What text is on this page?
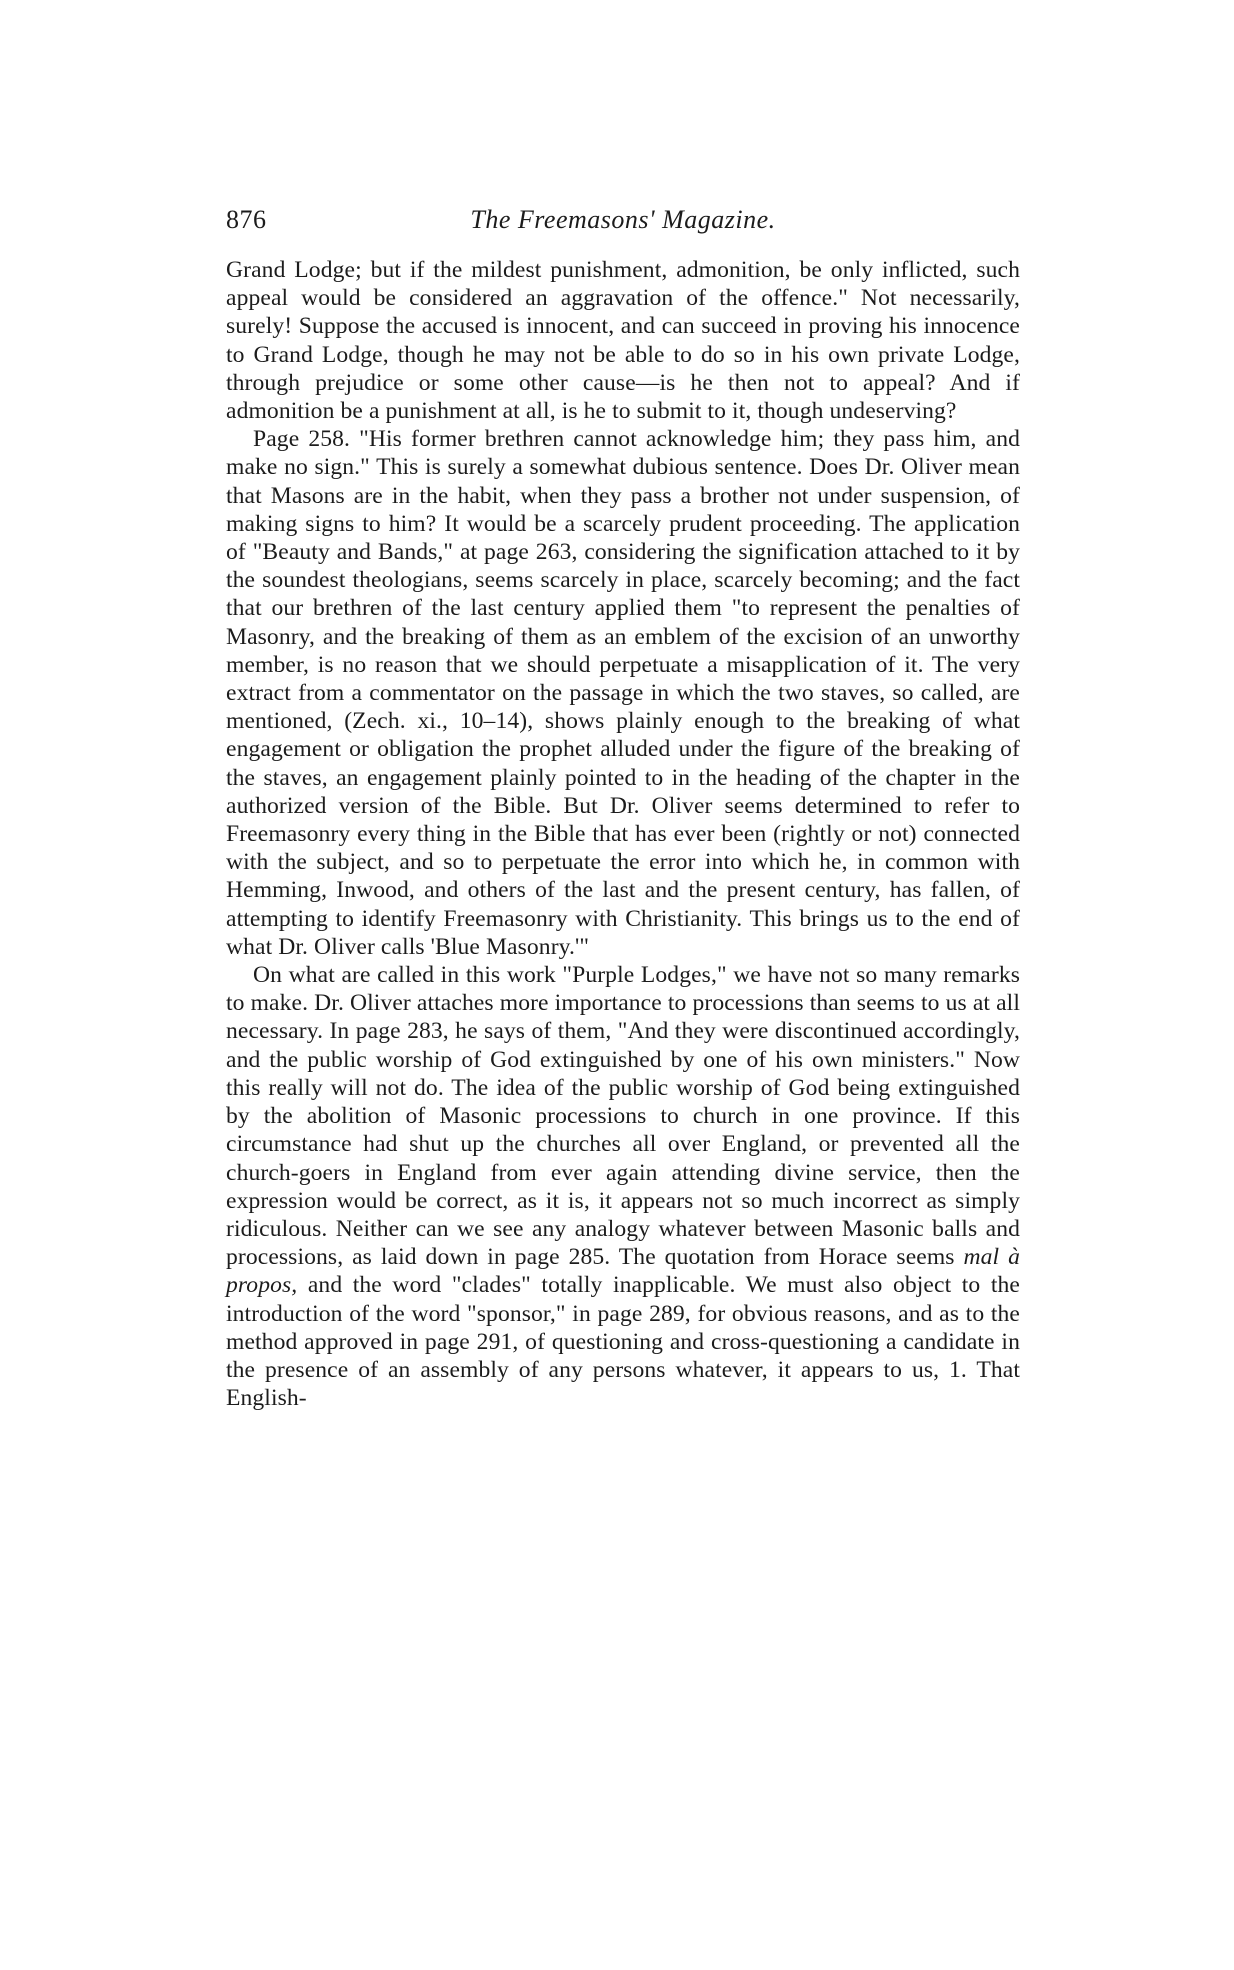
876	The Freemasons' Magazine.

Grand Lodge; but if the mildest punishment, admonition, be only inflicted, such appeal would be considered an aggravation of the offence." Not necessarily, surely! Suppose the accused is innocent, and can succeed in proving his innocence to Grand Lodge, though he may not be able to do so in his own private Lodge, through prejudice or some other cause—is he then not to appeal? And if admonition be a punishment at all, is he to submit to it, though undeserving?

Page 258. "His former brethren cannot acknowledge him; they pass him, and make no sign." This is surely a somewhat dubious sentence. Does Dr. Oliver mean that Masons are in the habit, when they pass a brother not under suspension, of making signs to him? It would be a scarcely prudent proceeding. The application of "Beauty and Bands," at page 263, considering the signification attached to it by the soundest theologians, seems scarcely in place, scarcely becoming; and the fact that our brethren of the last century applied them "to represent the penalties of Masonry, and the breaking of them as an emblem of the excision of an unworthy member, is no reason that we should perpetuate a misapplication of it. The very extract from a commentator on the passage in which the two staves, so called, are mentioned, (Zech. xi., 10–14), shows plainly enough to the breaking of what engagement or obligation the prophet alluded under the figure of the breaking of the staves, an engagement plainly pointed to in the heading of the chapter in the authorized version of the Bible. But Dr. Oliver seems determined to refer to Freemasonry every thing in the Bible that has ever been (rightly or not) connected with the subject, and so to perpetuate the error into which he, in common with Hemming, Inwood, and others of the last and the present century, has fallen, of attempting to identify Freemasonry with Christianity. This brings us to the end of what Dr. Oliver calls 'Blue Masonry.'"

On what are called in this work "Purple Lodges," we have not so many remarks to make. Dr. Oliver attaches more importance to processions than seems to us at all necessary. In page 283, he says of them, "And they were discontinued accordingly, and the public worship of God extinguished by one of his own ministers." Now this really will not do. The idea of the public worship of God being extinguished by the abolition of Masonic processions to church in one province. If this circumstance had shut up the churches all over England, or prevented all the church-goers in England from ever again attending divine service, then the expression would be correct, as it is, it appears not so much incorrect as simply ridiculous. Neither can we see any analogy whatever between Masonic balls and processions, as laid down in page 285. The quotation from Horace seems mal à propos, and the word "clades" totally inapplicable. We must also object to the introduction of the word "sponsor," in page 289, for obvious reasons, and as to the method approved in page 291, of questioning and cross-questioning a candidate in the presence of an assembly of any persons whatever, it appears to us, 1. That English-
